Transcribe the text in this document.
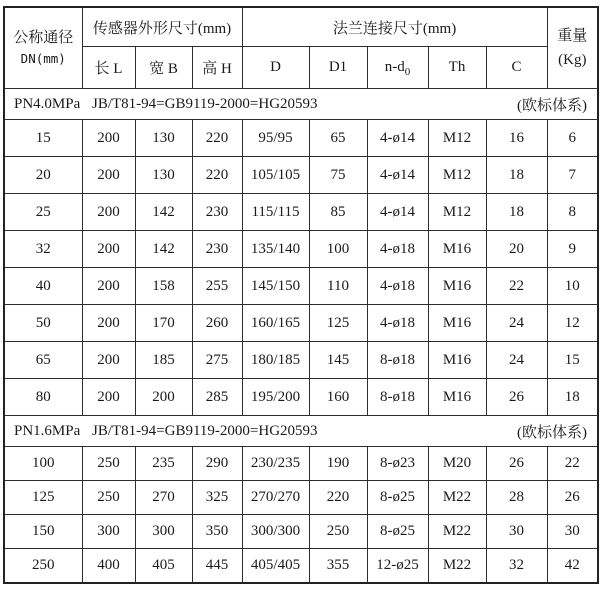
公称通径
DN(mm)	传感器外形尺寸(mm)			法兰连接尺寸(mm)					重量
(Kg)

	长 L	宽 B	高 H	D	D1	$n-d_0$	Th	C	

PN4.0MPa JB/T81-94=GB9119-2000=HG20593 (欧标体系)									

15	200	130	220	95/95	65	4-ø14	M12	16	6
20	200	130	220	105/105	75	4-ø14	M12	18	7
25	200	142	230	115/115	85	4-ø14	M12	18	8
32	200	142	230	135/140	100	4-ø18	M16	20	9
40	200	158	255	145/150	110	4-ø18	M16	22	10
50	200	170	260	160/165	125	4-ø18	M16	24	12
65	200	185	275	180/185	145	8-ø18	M16	24	15
80	200	200	285	195/200	160	8-ø18	M16	26	18

PN1.6MPa JB/T81-94=GB9119-2000=HG20593 (欧标体系)									

100	250	235	290	230/235	190	8-ø23	M20	26	22
125	250	270	325	270/270	220	8-ø25	M22	28	26
150	300	300	350	300/300	250	8-ø25	M22	30	30
250	400	405	445	405/405	355	12-ø25	M22	32	42
